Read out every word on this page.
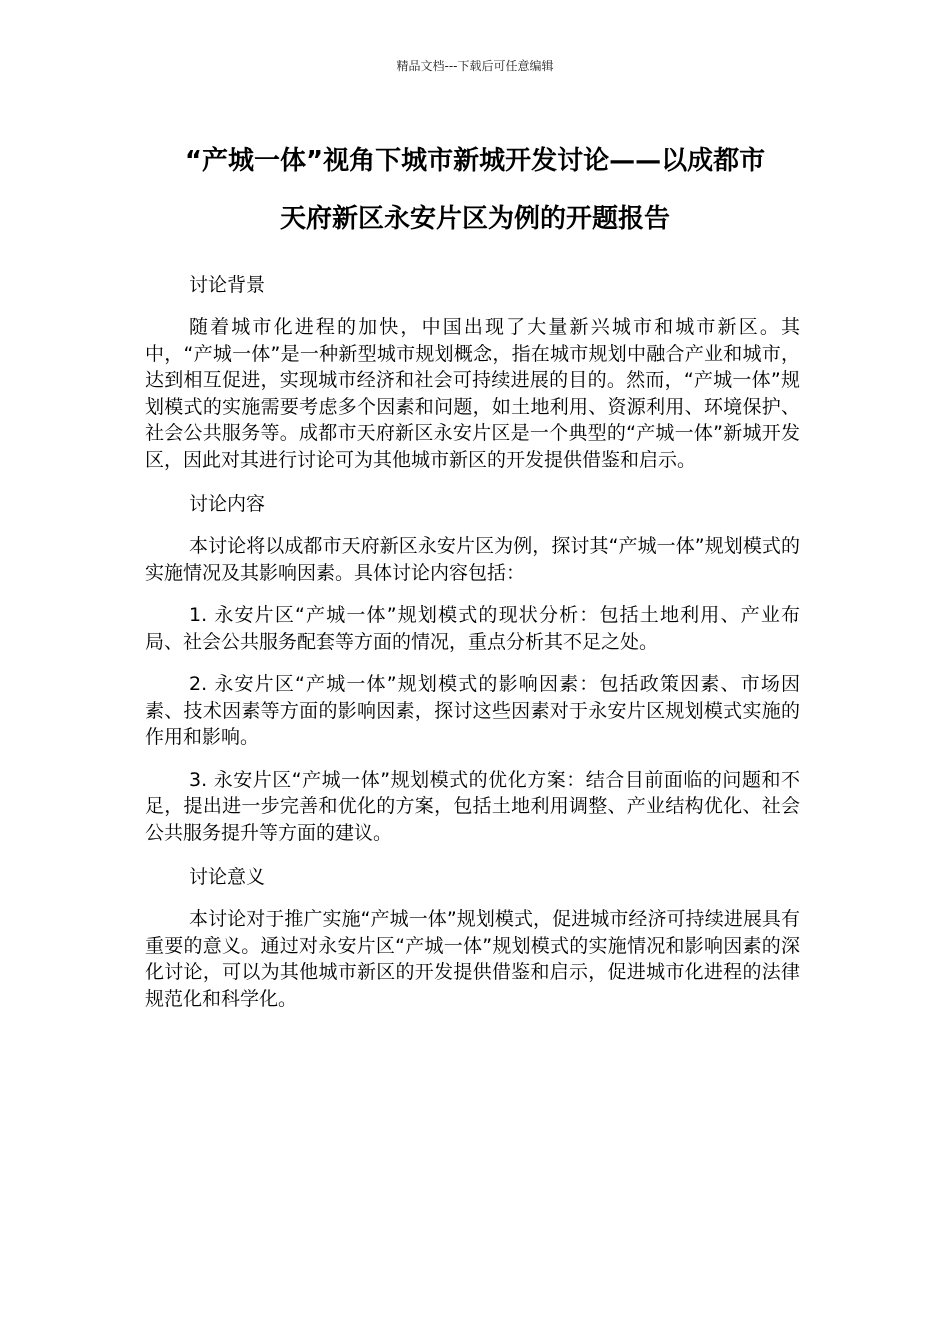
精品文档---下载后可任意编辑
“产城一体”视角下城市新城开发讨论——以成都市
天府新区永安片区为例的开题报告

讨论背景

随着城市化进程的加快，中国出现了大量新兴城市和城市新区。其中，“产城一体”是一种新型城市规划概念，指在城市规划中融合产业和城市，达到相互促进，实现城市经济和社会可持续进展的目的。然而，“产城一体”规划模式的实施需要考虑多个因素和问题，如土地利用、资源利用、环境保护、社会公共服务等。成都市天府新区永安片区是一个典型的“产城一体”新城开发区，因此对其进行讨论可为其他城市新区的开发提供借鉴和启示。

讨论内容

本讨论将以成都市天府新区永安片区为例，探讨其“产城一体”规划模式的实施情况及其影响因素。具体讨论内容包括：

1. 永安片区“产城一体”规划模式的现状分析：包括土地利用、产业布局、社会公共服务配套等方面的情况，重点分析其不足之处。

2. 永安片区“产城一体”规划模式的影响因素：包括政策因素、市场因素、技术因素等方面的影响因素，探讨这些因素对于永安片区规划模式实施的作用和影响。

3. 永安片区“产城一体”规划模式的优化方案：结合目前面临的问题和不足，提出进一步完善和优化的方案，包括土地利用调整、产业结构优化、社会公共服务提升等方面的建议。

讨论意义

本讨论对于推广实施“产城一体”规划模式，促进城市经济可持续进展具有重要的意义。通过对永安片区“产城一体”规划模式的实施情况和影响因素的深化讨论，可以为其他城市新区的开发提供借鉴和启示，促进城市化进程的法律规范化和科学化。
